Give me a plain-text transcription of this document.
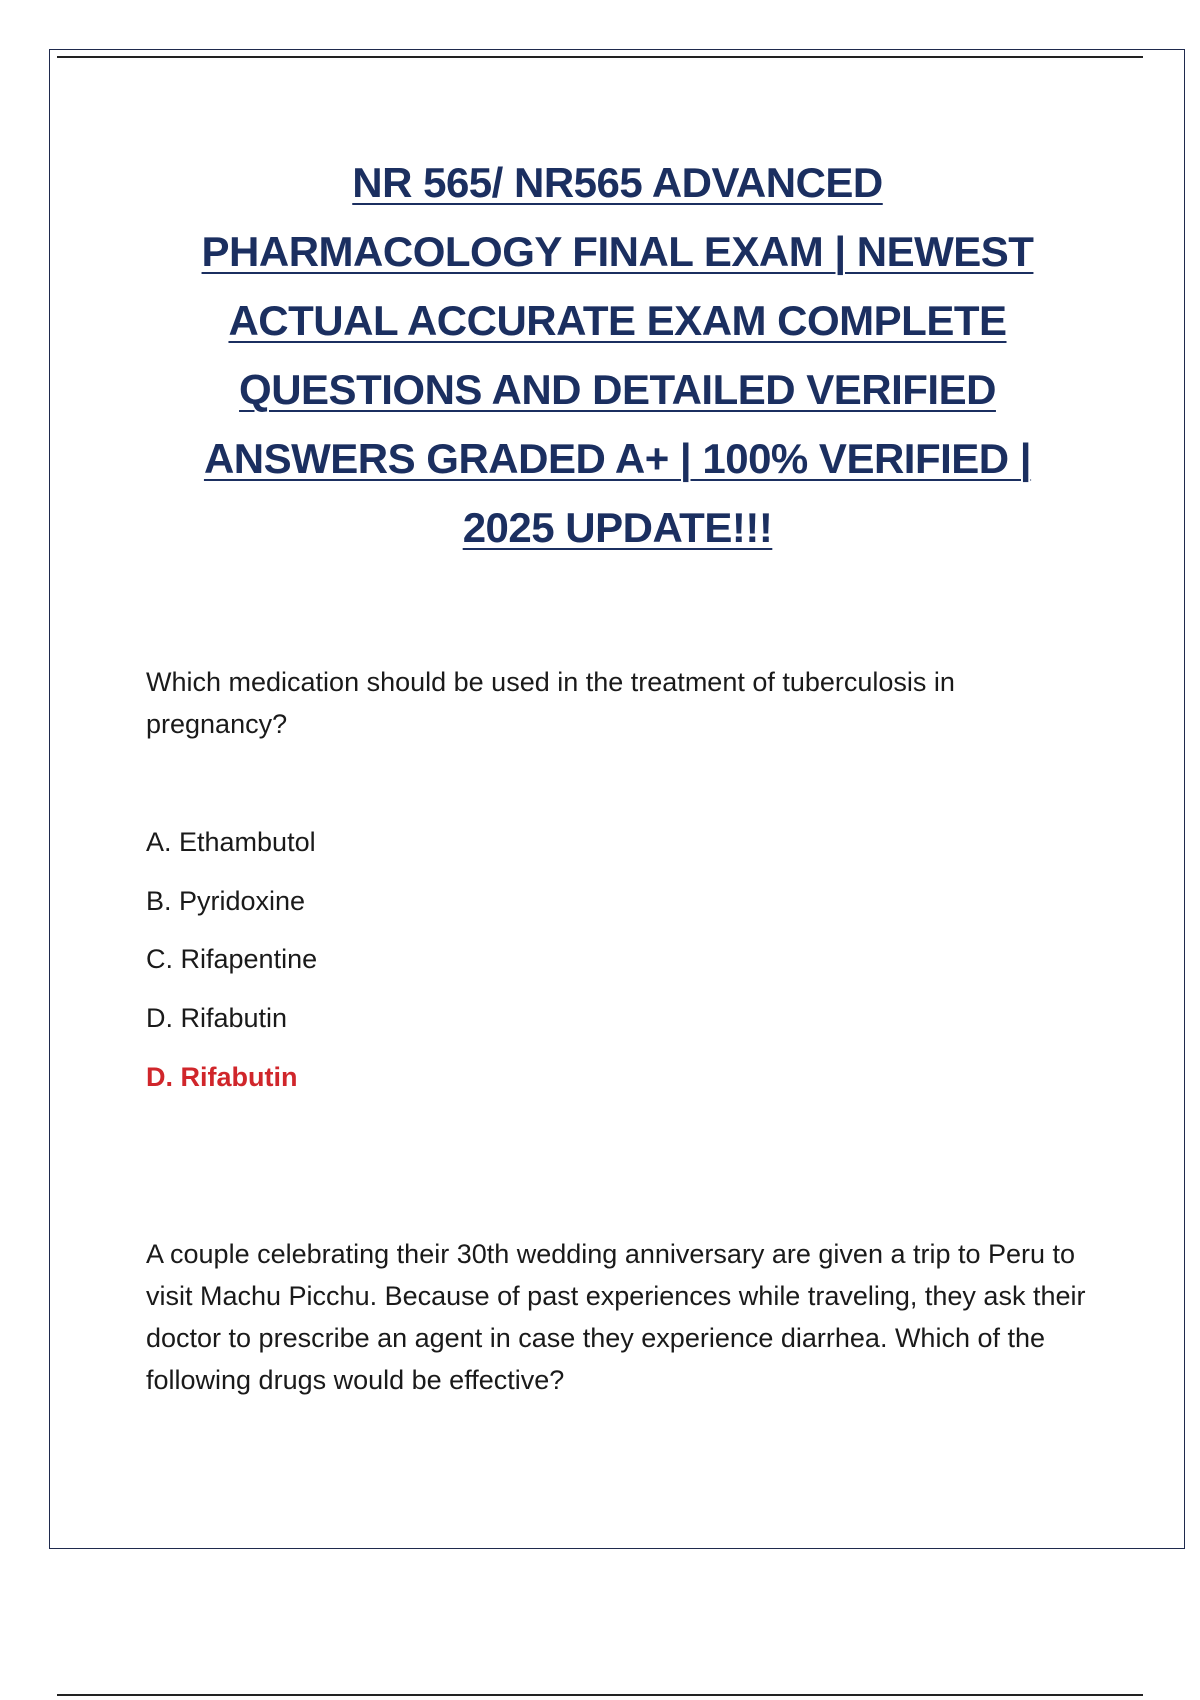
NR 565/ NR565 ADVANCED
PHARMACOLOGY FINAL EXAM | NEWEST
ACTUAL ACCURATE EXAM COMPLETE
QUESTIONS AND DETAILED VERIFIED
ANSWERS GRADED A+ | 100% VERIFIED |
2025 UPDATE!!!

Which medication should be used in the treatment of tuberculosis in pregnancy?

A. Ethambutol
B. Pyridoxine
C. Rifapentine
D. Rifabutin
D. Rifabutin

A couple celebrating their 30th wedding anniversary are given a trip to Peru to visit Machu Picchu. Because of past experiences while traveling, they ask their doctor to prescribe an agent in case they experience diarrhea. Which of the following drugs would be effective?
